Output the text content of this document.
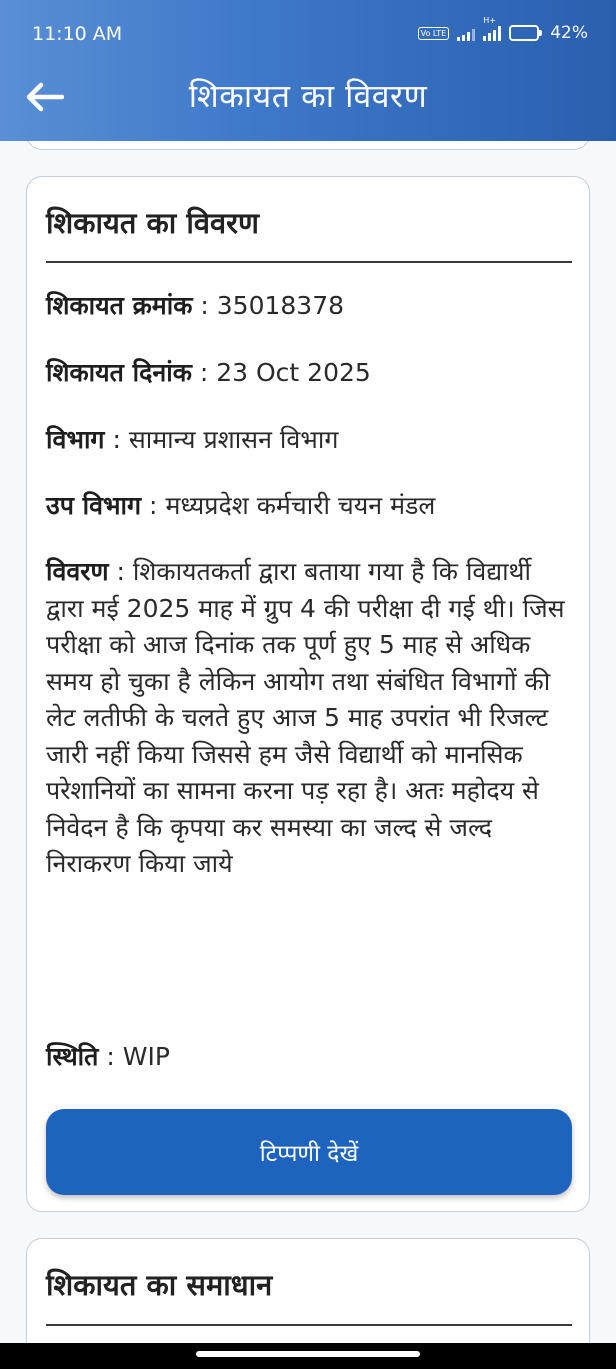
11:10 AM	Vo LTE
H+
42%
शिकायत का विवरण
शिकायत का विवरण
शिकायत क्रमांक : 35018378
शिकायत दिनांक : 23 Oct 2025
विभाग : सामान्य प्रशासन विभाग
उप विभाग : मध्यप्रदेश कर्मचारी चयन मंडल
विवरण : शिकायतकर्ता द्वारा बताया गया है कि विद्यार्थी द्वारा मई 2025 माह में ग्रुप 4 की परीक्षा दी गई थी। जिस परीक्षा को आज दिनांक तक पूर्ण हुए 5 माह से अधिक समय हो चुका है लेकिन आयोग तथा संबंधित विभागों की लेट लतीफी के चलते हुए आज 5 माह उपरांत भी रिजल्ट जारी नहीं किया जिससे हम जैसे विद्यार्थी को मानसिक परेशानियों का सामना करना पड़ रहा है। अतः महोदय से निवेदन है कि कृपया कर समस्या का जल्द से जल्द निराकरण किया जाये
स्थिति : WIP
टिप्पणी देखें
शिकायत का समाधान
